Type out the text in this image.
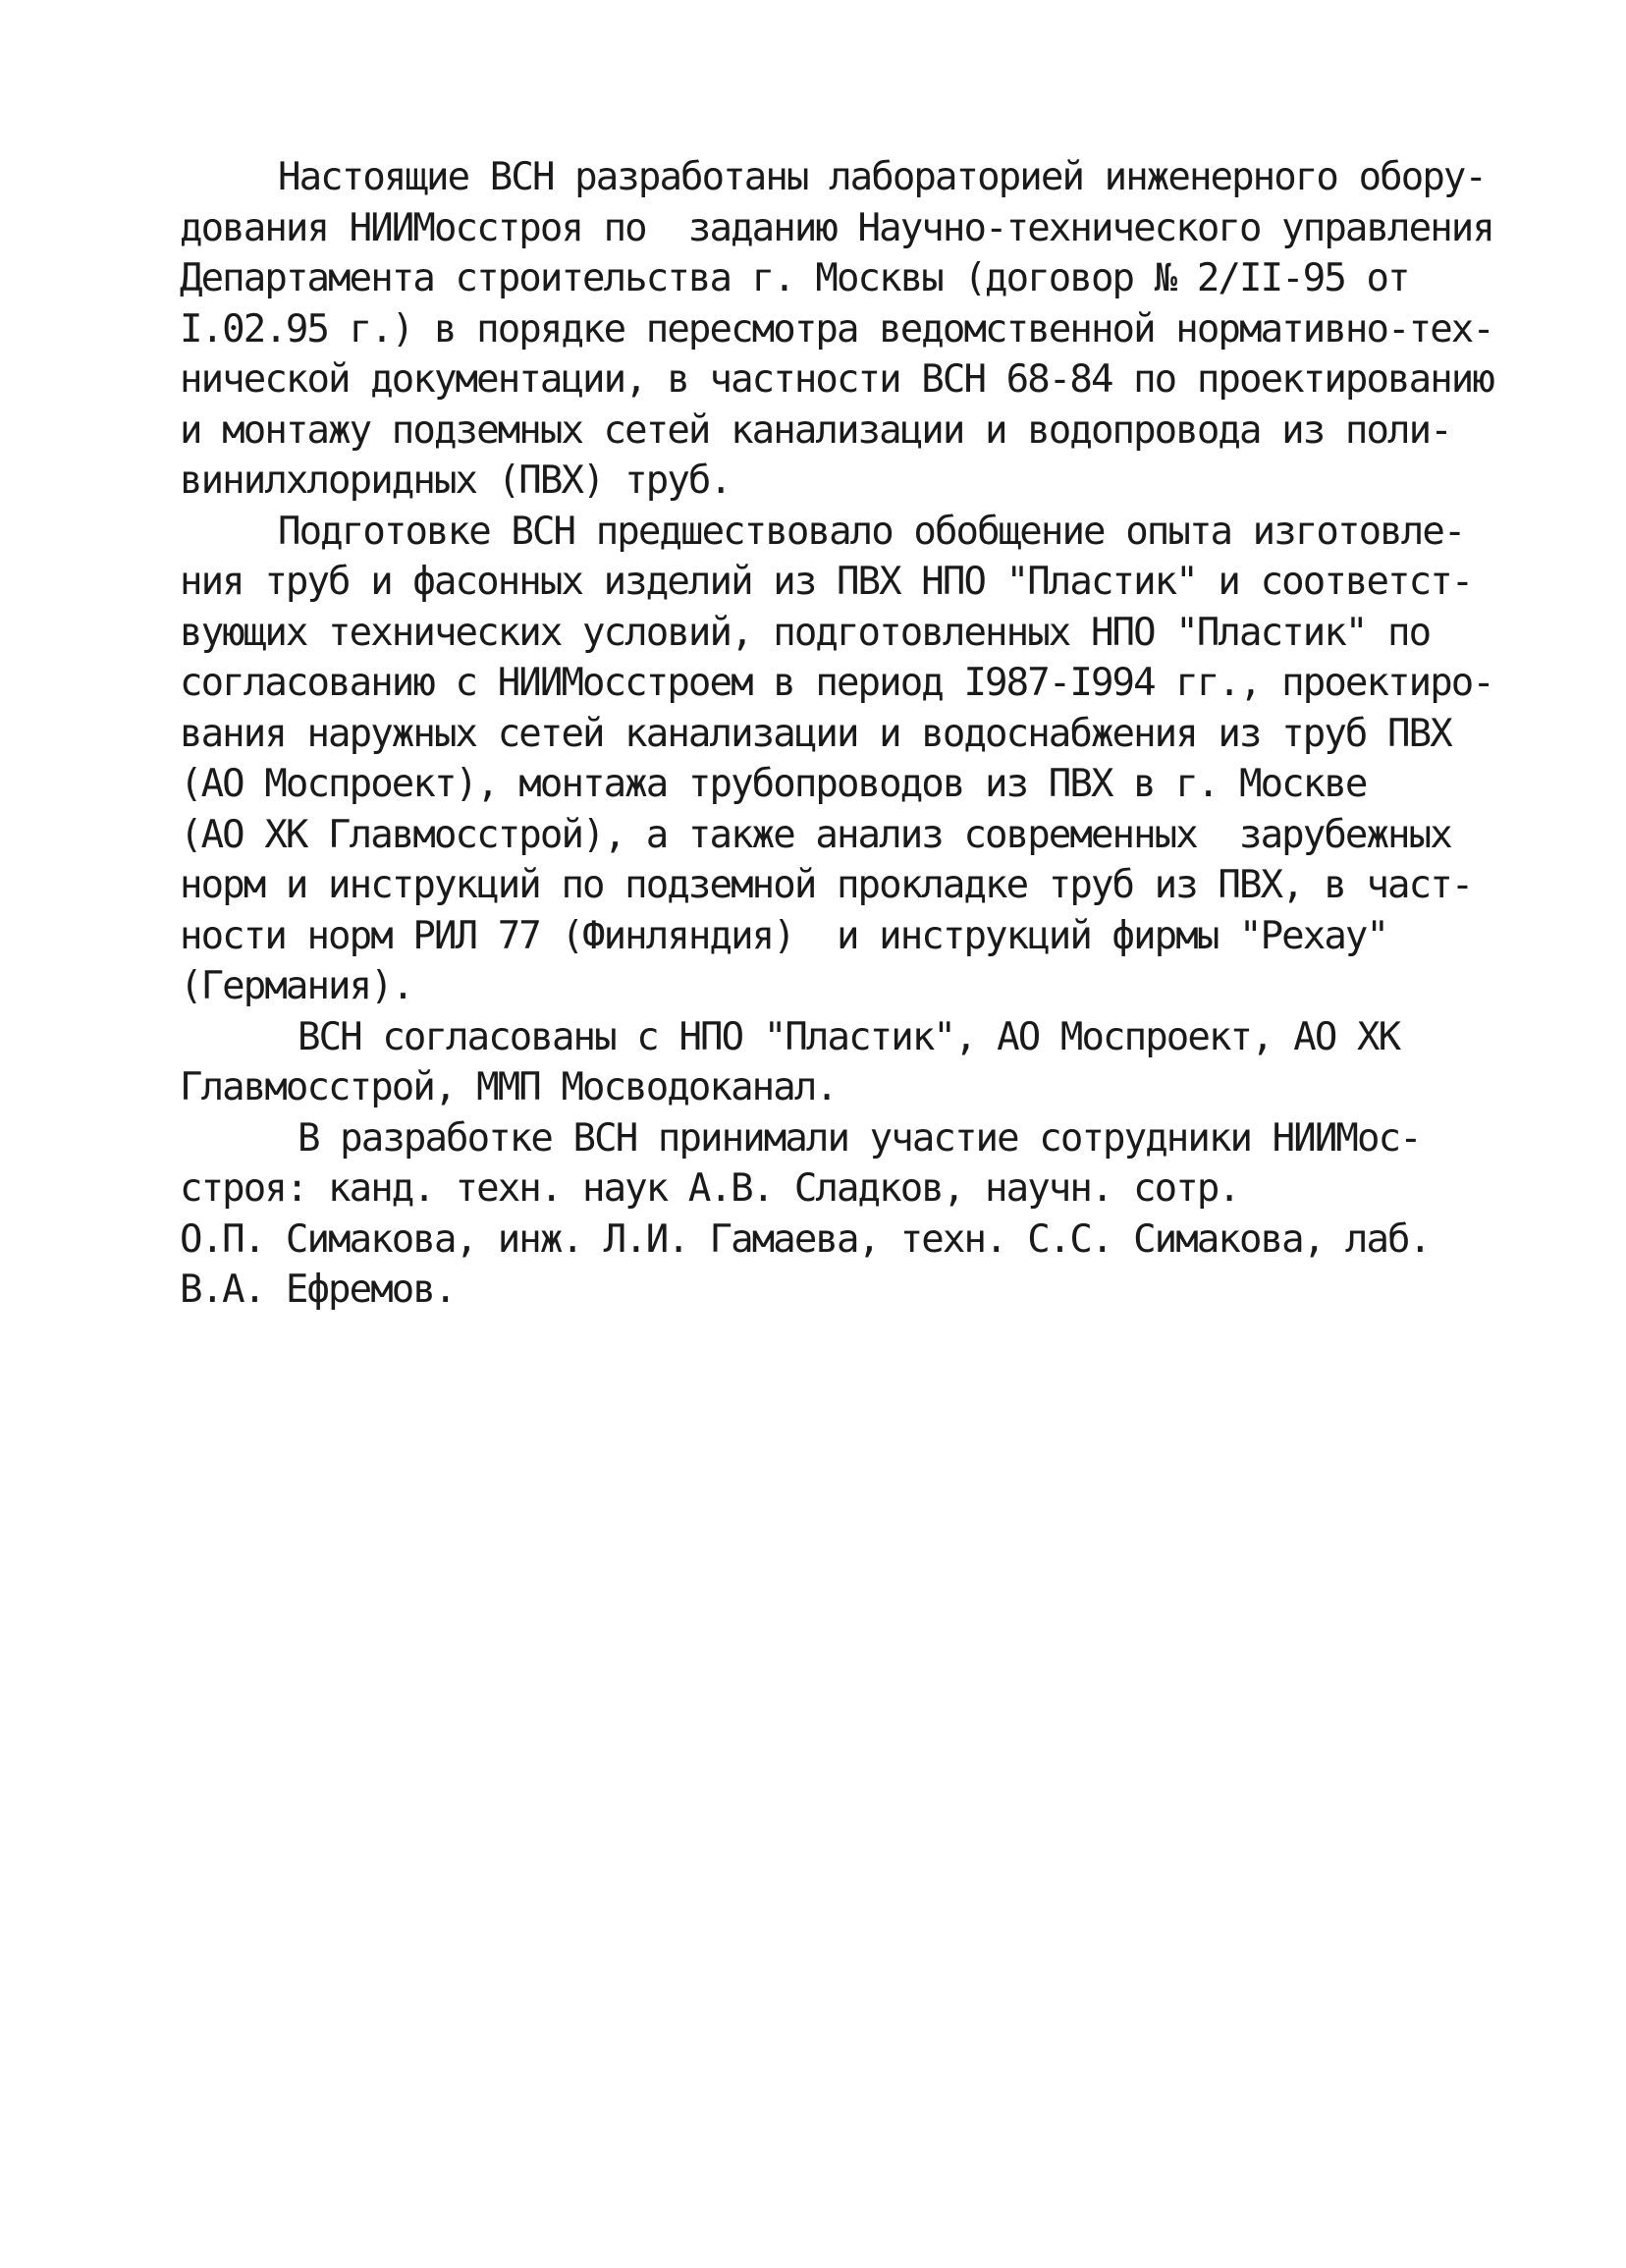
Настоящие ВСН разработаны лабораторией инженерного обору-
дования НИИМосстроя по  заданию Научно-технического управления
Департамента строительства г. Москвы (договор № 2/II-95 от
I.02.95 г.) в порядке пересмотра ведомственной нормативно-тех-
нической документации, в частности ВСН 68-84 по проектированию
и монтажу подземных сетей канализации и водопровода из поли-
винилхлоридных (ПВХ) труб.
Подготовке ВСН предшествовало обобщение опыта изготовле-
ния труб и фасонных изделий из ПВХ НПО "Пластик" и соответст-
вующих технических условий, подготовленных НПО "Пластик" по
согласованию с НИИМосстроем в период I987-I994 гг., проектиро-
вания наружных сетей канализации и водоснабжения из труб ПВХ
(АО Моспроект), монтажа трубопроводов из ПВХ в г. Москве
(АО ХК Главмосстрой), а также анализ современных  зарубежных
норм и инструкций по подземной прокладке труб из ПВХ, в част-
ности норм РИЛ 77 (Финляндия)  и инструкций фирмы "Рехау"
(Германия).
ВСН согласованы с НПО "Пластик", АО Моспроект, АО ХК
Главмосстрой, ММП Мосводоканал.
В разработке ВСН принимали участие сотрудники НИИМос-
строя: канд. техн. наук А.В. Сладков, научн. сотр.
О.П. Симакова, инж. Л.И. Гамаева, техн. С.С. Симакова, лаб.
В.А. Ефремов.
